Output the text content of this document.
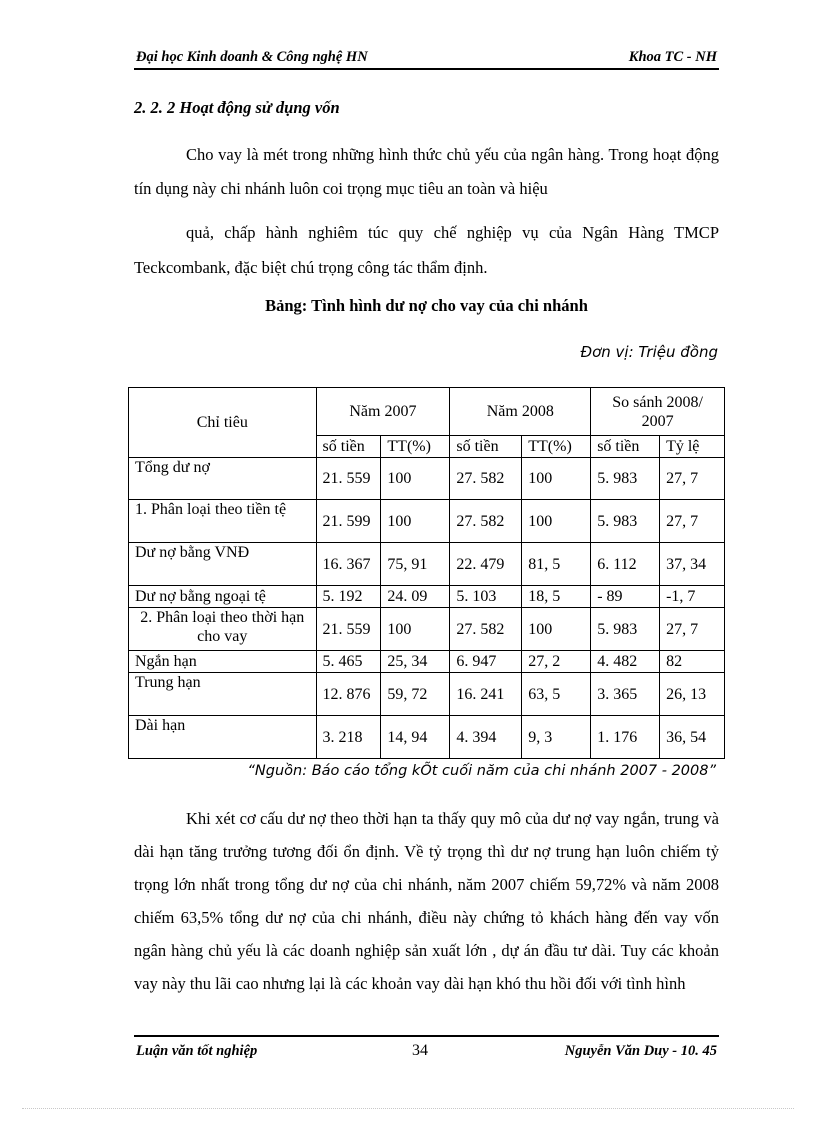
Đại học Kinh doanh & Công nghệ HN	Khoa TC - NH
2. 2. 2 Hoạt động sử dụng vốn
Cho vay là mét trong những hình thức chủ yếu của ngân hàng. Trong hoạt động tín dụng này chi nhánh luôn coi trọng mục tiêu an toàn và hiệu
quả, chấp hành nghiêm túc quy chế nghiệp vụ của Ngân Hàng TMCP Teckcombank, đặc biệt chú trọng công tác thẩm định.
Bảng: Tình hình dư nợ cho vay của chi nhánh
Đơn vị: Triệu đồng
Chỉ tiêu	Năm 2007		Năm 2008		So sánh 2008/ 2007	
	số tiền	TT(%)	số tiền	TT(%)	số tiền	Tỷ lệ
Tổng dư nợ	21. 559	100	27. 582	100	5. 983	27, 7
1. Phân loại theo tiền tệ	21. 599	100	27. 582	100	5. 983	27, 7
Dư nợ bằng VNĐ	16. 367	75, 91	22. 479	81, 5	6. 112	37, 34
Dư nợ bằng ngoại tệ	5. 192	24. 09	5. 103	18, 5	- 89	-1, 7
2. Phân loại theo thời hạn cho vay	21. 559	100	27. 582	100	5. 983	27, 7
Ngắn hạn	5. 465	25, 34	6. 947	27, 2	4. 482	82
Trung hạn	12. 876	59, 72	16. 241	63, 5	3. 365	26, 13
Dài hạn	3. 218	14, 94	4. 394	9, 3	1. 176	36, 54
“Nguồn: Báo cáo tổng kÕt cuối năm của chi nhánh 2007 - 2008”
Khi xét cơ cấu dư nợ theo thời hạn ta thấy quy mô của dư nợ vay ngắn, trung và dài hạn tăng trưởng tương đối ổn định. Về tỷ trọng thì dư nợ trung hạn luôn chiếm tỷ trọng lớn nhất trong tổng dư nợ của chi nhánh, năm 2007 chiếm 59,72% và năm 2008 chiếm 63,5% tổng dư nợ của chi nhánh, điều này chứng tỏ khách hàng đến vay vốn ngân hàng chủ yếu là các doanh nghiệp sản xuất lớn , dự án đầu tư dài. Tuy các khoản vay này thu lãi cao nhưng lại là các khoản vay dài hạn khó thu hồi đối với tình hình
Luận văn tốt nghiệp	34	Nguyễn Văn Duy - 10. 45
